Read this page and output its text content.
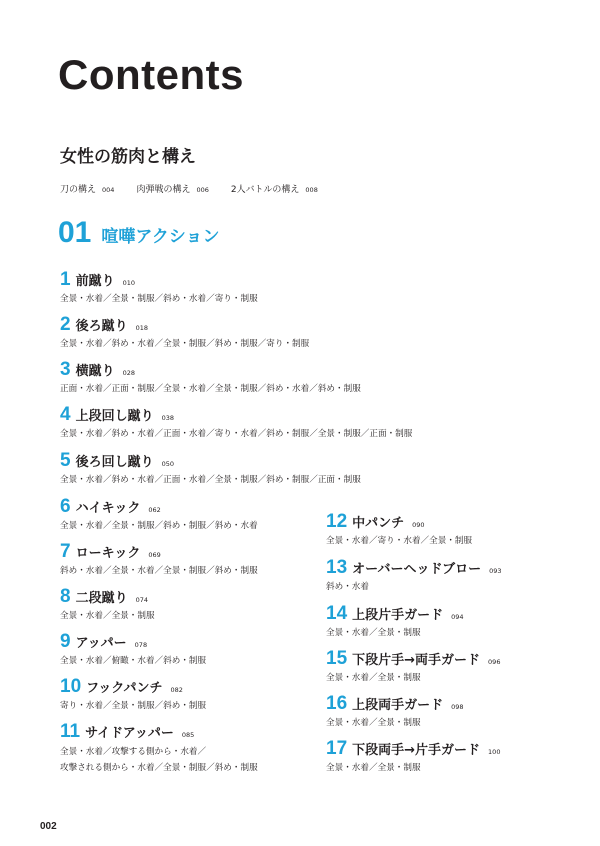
Contents
女性の筋肉と構え
刀の構え 004 肉弾戦の構え 006 2人バトルの構え 008
01 喧嘩アクション
1 前蹴り 010
全景・水着／全景・制服／斜め・水着／寄り・制服
2 後ろ蹴り 018
全景・水着／斜め・水着／全景・制服／斜め・制服／寄り・制服
3 横蹴り 028
正面・水着／正面・制服／全景・水着／全景・制服／斜め・水着／斜め・制服
4 上段回し蹴り 038
全景・水着／斜め・水着／正面・水着／寄り・水着／斜め・制服／全景・制服／正面・制服
5 後ろ回し蹴り 050
全景・水着／斜め・水着／正面・水着／全景・制服／斜め・制服／正面・制服
6 ハイキック 062
全景・水着／全景・制服／斜め・制服／斜め・水着
7 ローキック 069
斜め・水着／全景・水着／全景・制服／斜め・制服
8 二段蹴り 074
全景・水着／全景・制服
9 アッパー 078
全景・水着／俯瞰・水着／斜め・制服
10 フックパンチ 082
寄り・水着／全景・制服／斜め・制服
11 サイドアッパー 085
全景・水着／攻撃する側から・水着／
攻撃される側から・水着／全景・制服／斜め・制服
12 中パンチ 090
全景・水着／寄り・水着／全景・制服
13 オーバーヘッドブロー 093
斜め・水着
14 上段片手ガード 094
全景・水着／全景・制服
15 下段片手→両手ガード 096
全景・水着／全景・制服
16 上段両手ガード 098
全景・水着／全景・制服
17 下段両手→片手ガード 100
全景・水着／全景・制服
002
